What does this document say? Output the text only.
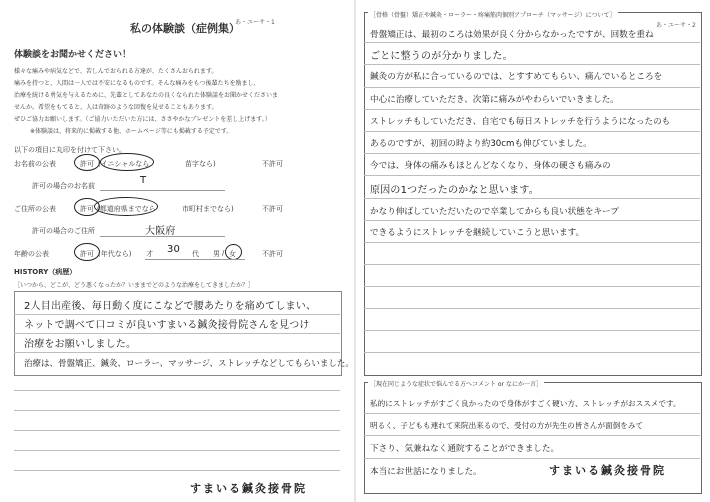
私の体験談（症例集）
あ・ユーサ・1
体験談をお聞かせください！
様々な痛みや病気などで、苦しんでおられる方達が、たくさんおられます。
痛みを持つと、人間は一人では不安になるものです。そんな痛みをもつ後輩たちを励まし、
治療を続ける勇気を与えるために、先輩としてあなたの良くなられた体験談をお聞かせくださいま
せんか。希望をもてると、人は奇跡のような回復を見せることもあります。
ぜひご協力お願いします。（ご協力いただいた方には、ささやかなプレゼントを差し上げます。）
※体験談は、将来的に掲載する他、ホームページ等にも掲載する予定です。
以下の項目に丸印を付けて下さい。
お名前の公表	許可 (イニシャルなら	苗字なら)	不許可
許可の場合のお名前	T
ご住所の公表	許可 (都道府県までなら	市町村までなら)	不許可
許可の場合のご住所	大阪府
年齢の公表	許可 (年代なら) 才 30 代 男 / 女	不許可
HISTORY（病歴）
［いつから、どこが、どう悪くなったか？いままでどのような治療をしてきましたか？］
2人目出産後、毎日動く度にこなどで腰あたりを痛めてしまい、
ネットで調べて口コミが良いすまいる鍼灸接骨院さんを見つけ
治療をお願いしました。
治療は、骨盤矯正、鍼灸、ローラー、マッサージ、ストレッチなどしてもらいました。
すまいる鍼灸接骨院
［骨格（骨盤）矯正や鍼灸・ローラー・疼痛筋肉個別アプローチ（マッサージ）について］
あ・ユーサ・2
骨盤矯正は、最初のころは効果が良く分からなかったですが、回数を重ね
ごとに整うのが分かりました。
鍼灸の方が私に合っているのでは、とすすめてもらい、痛んでいるところを
中心に治療していただき、次第に痛みがやわらいでいきました。
ストレッチもしていただき、自宅でも毎日ストレッチを行うようになったのも
あるのですが、初回の時より約30cmも伸びていました。
今では、身体の痛みもほとんどなくなり、身体の硬さも痛みの
原因の1つだったのかなと思います。
かなり伸ばしていただいたので卒業してからも良い状態をキープ
できるようにストレッチを継続していこうと思います。
［現在同じような症状で悩んでる方へコメント or なにか一言］
私的にストレッチがすごく良かったので身体がすごく硬い方、ストレッチがおススメです。
明るく、子どもも連れて来院出来るので、受付の方が先生の皆さんが面倒をみて
下さり、気兼ねなく通院することができました。
本当にお世話になりました。	すまいる鍼灸接骨院
